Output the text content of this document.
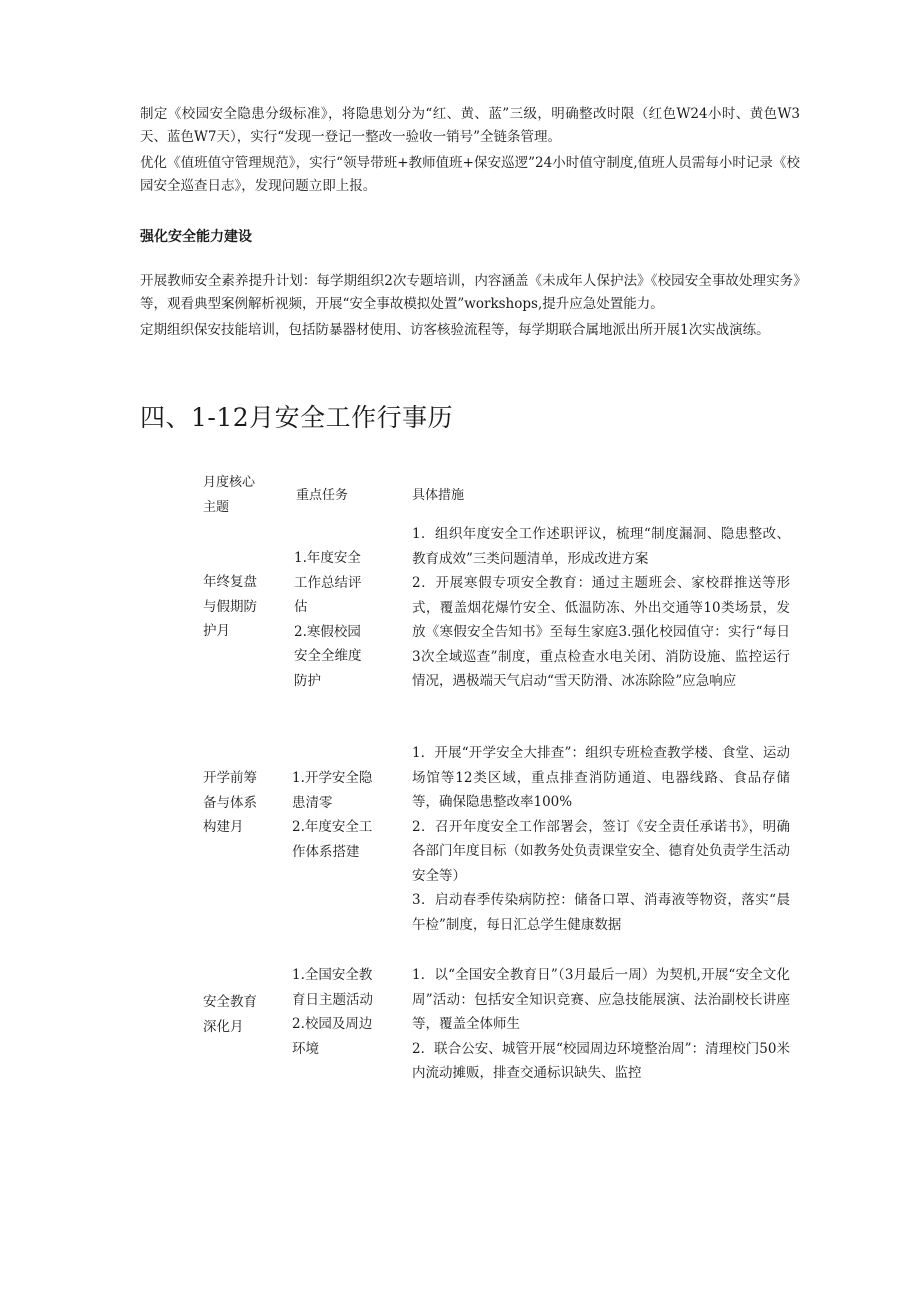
制定《校园安全隐患分级标准》，将隐患划分为“红、黄、蓝”三级，明确整改时限（红色W24小时、黄色W3天、蓝色W7天），实行“发现一登记一整改一验收一销号”全链条管理。

优化《值班值守管理规范》，实行“领导带班+教师值班+保安巡逻”24小时值守制度,值班人员需每小时记录《校园安全巡查日志》，发现问题立即上报。

强化安全能力建设

开展教师安全素养提升计划：每学期组织2次专题培训，内容涵盖《未成年人保护法》《校园安全事故处理实务》等，观看典型案例解析视频，开展“安全事故模拟处置”workshops,提升应急处置能力。

定期组织保安技能培训，包括防暴器材使用、访客核验流程等，每学期联合属地派出所开展1次实战演练。

四、1-12月安全工作行事历
月度核心主题
重点任务	具体措施
年终复盘与假期防护月
1.年度安全工作总结评估
2.寒假校园安全全维度防护
1．组织年度安全工作述职评议，梳理“制度漏洞、隐患整改、教育成效”三类问题清单，形成改进方案
2．开展寒假专项安全教育：通过主题班会、家校群推送等形式，覆盖烟花爆竹安全、低温防冻、外出交通等10类场景，发放《寒假安全告知书》至每生家庭3.强化校园值守：实行“每日3次全域巡查”制度，重点检查水电关闭、消防设施、监控运行情况，遇极端天气启动“雪天防滑、冰冻除险”应急响应
开学前筹备与体系构建月
1.开学安全隐患清零
2.年度安全工作体系搭建
1．开展“开学安全大排查”：组织专班检查教学楼、食堂、运动场馆等12类区域，重点排查消防通道、电器线路、食品存储等，确保隐患整改率100%
2．召开年度安全工作部署会，签订《安全责任承诺书》，明确各部门年度目标（如教务处负责课堂安全、德育处负责学生活动安全等）
3．启动春季传染病防控：储备口罩、消毒液等物资，落实“晨午检”制度，每日汇总学生健康数据
安全教育深化月
1.全国安全教育日主题活动
2.校园及周边环境
1．以“全国安全教育日”（3月最后一周）为契机,开展“安全文化周”活动：包括安全知识竞赛、应急技能展演、法治副校长讲座等，覆盖全体师生
2．联合公安、城管开展“校园周边环境整治周”：清理校门50米内流动摊贩，排查交通标识缺失、监控
